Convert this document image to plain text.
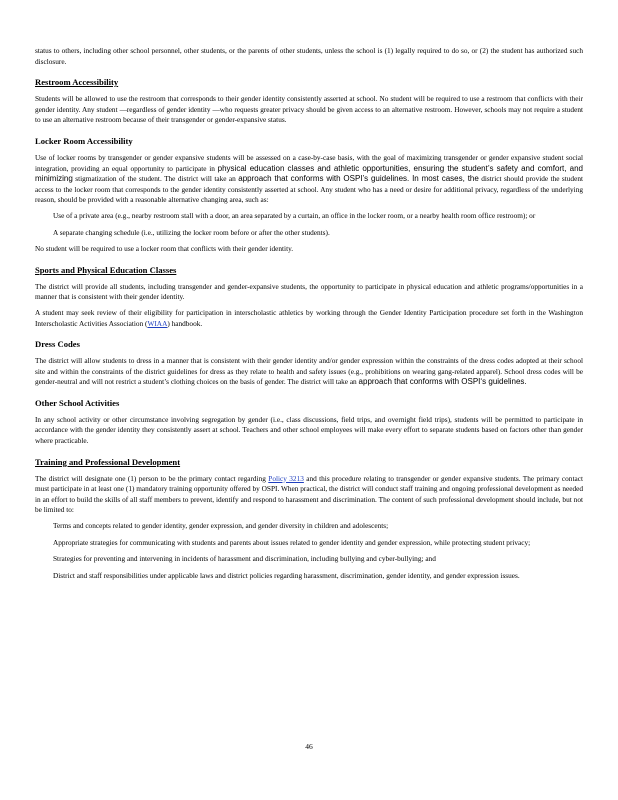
status to others, including other school personnel, other students, or the parents of other students, unless the school is (1) legally required to do so, or (2) the student has authorized such disclosure.

Restroom Accessibility

Students will be allowed to use the restroom that corresponds to their gender identity consistently asserted at school. No student will be required to use a restroom that conflicts with their gender identity. Any student —regardless of gender identity —who requests greater privacy should be given access to an alternative restroom. However, schools may not require a student to use an alternative restroom because of their transgender or gender-expansive status.

Locker Room Accessibility

Use of locker rooms by transgender or gender expansive students will be assessed on a case-by-case basis, with the goal of maximizing transgender or gender expansive student social integration, providing an equal opportunity to participate in physical education classes and athletic opportunities, ensuring the student’s safety and comfort, and minimizing stigmatization of the student. The district will take an approach that conforms with OSPI’s guidelines. In most cases, the district should provide the student access to the locker room that corresponds to the gender identity consistently asserted at school. Any student who has a need or desire for additional privacy, regardless of the underlying reason, should be provided with a reasonable alternative changing area, such as:

Use of a private area (e.g., nearby restroom stall with a door, an area separated by a curtain, an office in the locker room, or a nearby health room office restroom); or
A separate changing schedule (i.e., utilizing the locker room before or after the other students).

No student will be required to use a locker room that conflicts with their gender identity.

Sports and Physical Education Classes

The district will provide all students, including transgender and gender-expansive students, the opportunity to participate in physical education and athletic programs/opportunities in a manner that is consistent with their gender identity.

A student may seek review of their eligibility for participation in interscholastic athletics by working through the Gender Identity Participation procedure set forth in the Washington Interscholastic Activities Association (WIAA) handbook.

Dress Codes

The district will allow students to dress in a manner that is consistent with their gender identity and/or gender expression within the constraints of the dress codes adopted at their school site and within the constraints of the district guidelines for dress as they relate to health and safety issues (e.g., prohibitions on wearing gang-related apparel). School dress codes will be gender-neutral and will not restrict a student’s clothing choices on the basis of gender. The district will take an approach that conforms with OSPI‘s guidelines.

Other School Activities

In any school activity or other circumstance involving segregation by gender (i.e., class discussions, field trips, and overnight field trips), students will be permitted to participate in accordance with the gender identity they consistently assert at school. Teachers and other school employees will make every effort to separate students based on factors other than gender where practicable.

Training and Professional Development

The district will designate one (1) person to be the primary contact regarding Policy 3213 and this procedure relating to transgender or gender expansive students. The primary contact must participate in at least one (1) mandatory training opportunity offered by OSPI. When practical, the district will conduct staff training and ongoing professional development as needed in an effort to build the skills of all staff members to prevent, identify and respond to harassment and discrimination. The content of such professional development should include, but not be limited to:

Terms and concepts related to gender identity, gender expression, and gender diversity in children and adolescents;
Appropriate strategies for communicating with students and parents about issues related to gender identity and gender expression, while protecting student privacy;
Strategies for preventing and intervening in incidents of harassment and discrimination, including bullying and cyber-bullying; and
District and staff responsibilities under applicable laws and district policies regarding harassment, discrimination, gender identity, and gender expression issues.
46
